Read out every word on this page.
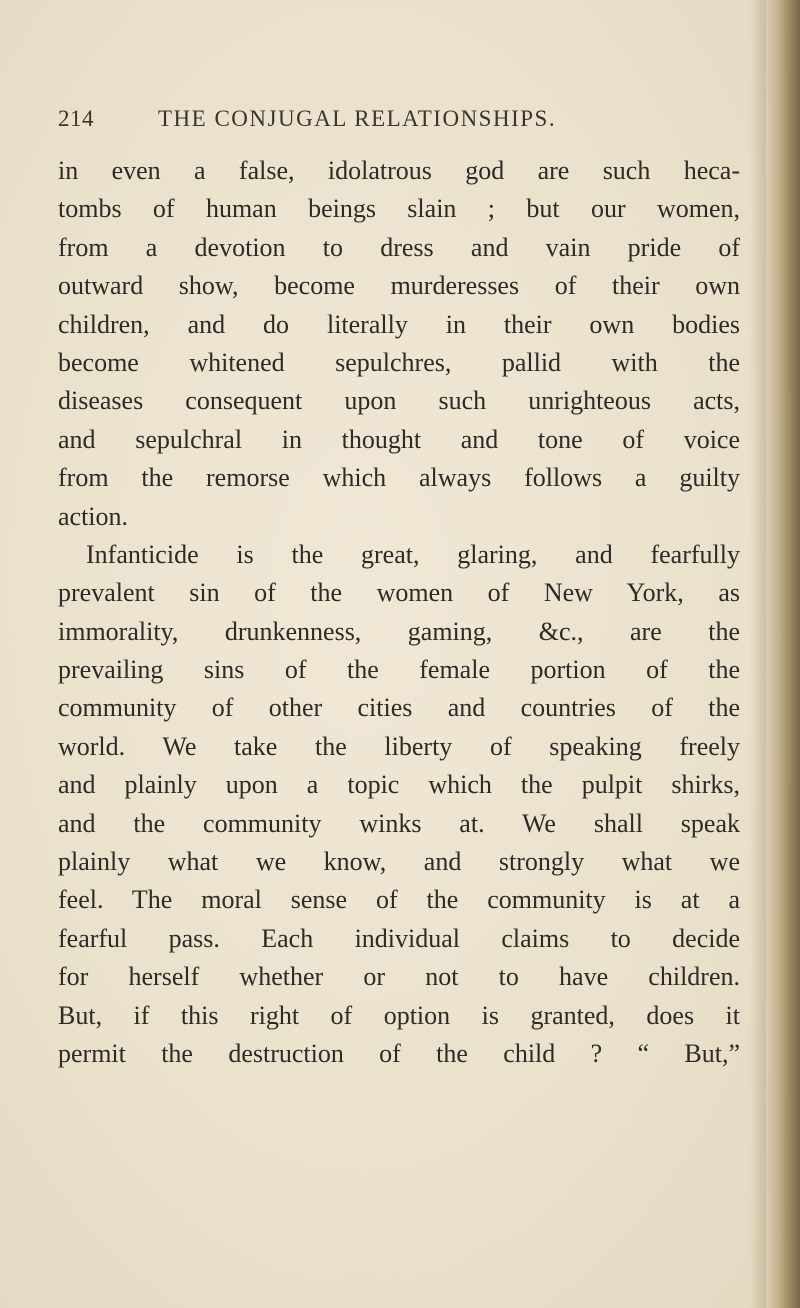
214	THE CONJUGAL RELATIONSHIPS.
in even a false, idolatrous god are such heca-
tombs of human beings slain ; but our women,
from a devotion to dress and vain pride of
outward show, become murderesses of their own
children, and do literally in their own bodies
become whitened sepulchres, pallid with the
diseases consequent upon such unrighteous acts,
and sepulchral in thought and tone of voice
from the remorse which always follows a guilty
action.
Infanticide is the great, glaring, and fearfully
prevalent sin of the women of New York, as
immorality, drunkenness, gaming, &c., are the
prevailing sins of the female portion of the
community of other cities and countries of the
world. We take the liberty of speaking freely
and plainly upon a topic which the pulpit shirks,
and the community winks at. We shall speak
plainly what we know, and strongly what we
feel. The moral sense of the community is at a
fearful pass. Each individual claims to decide
for herself whether or not to have children.
But, if this right of option is granted, does it
permit the destruction of the child ? “ But,”
